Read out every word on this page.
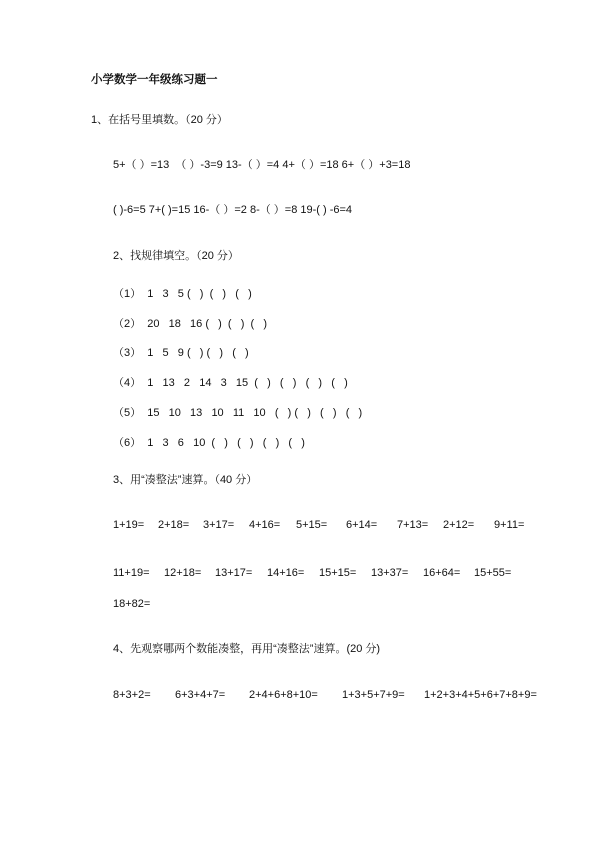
小学数学一年级练习题一
1、在括号里填数。（20 分）
5+（ ）=13  （ ）-3=9 13-（ ）=4 4+（ ）=18 6+（ ）+3=18
( )-6=5 7+( )=15 16-（ ）=2 8-（ ）=8 19-( ) -6=4
2、找规律填空。（20 分）
（1）  1   3   5 (   )  (   )   (   )
（2）  20   18   16 (   )  (   )  (   )
（3）  1   5   9 (   ) (   )   (   )
（4）  1   13   2   14   3   15  (   )   (   )   (   )   (   )
（5）  15   10   13   10   11   10   (   ) (   )   (   )   (   )
（6）  1   3   6   10  (   )   (   )   (   )   (   )
3、用“凑整法”速算。（40 分）
1+19= 2+18= 3+17= 4+16= 5+15= 6+14= 7+13= 2+12= 9+11=
11+19= 12+18= 13+17= 14+16= 15+15= 13+37= 16+64= 15+55=
18+82=
4、先观察哪两个数能凑整，再用“凑整法”速算。(20 分)
8+3+2= 6+3+4+7= 2+4+6+8+10= 1+3+5+7+9= 1+2+3+4+5+6+7+8+9=
